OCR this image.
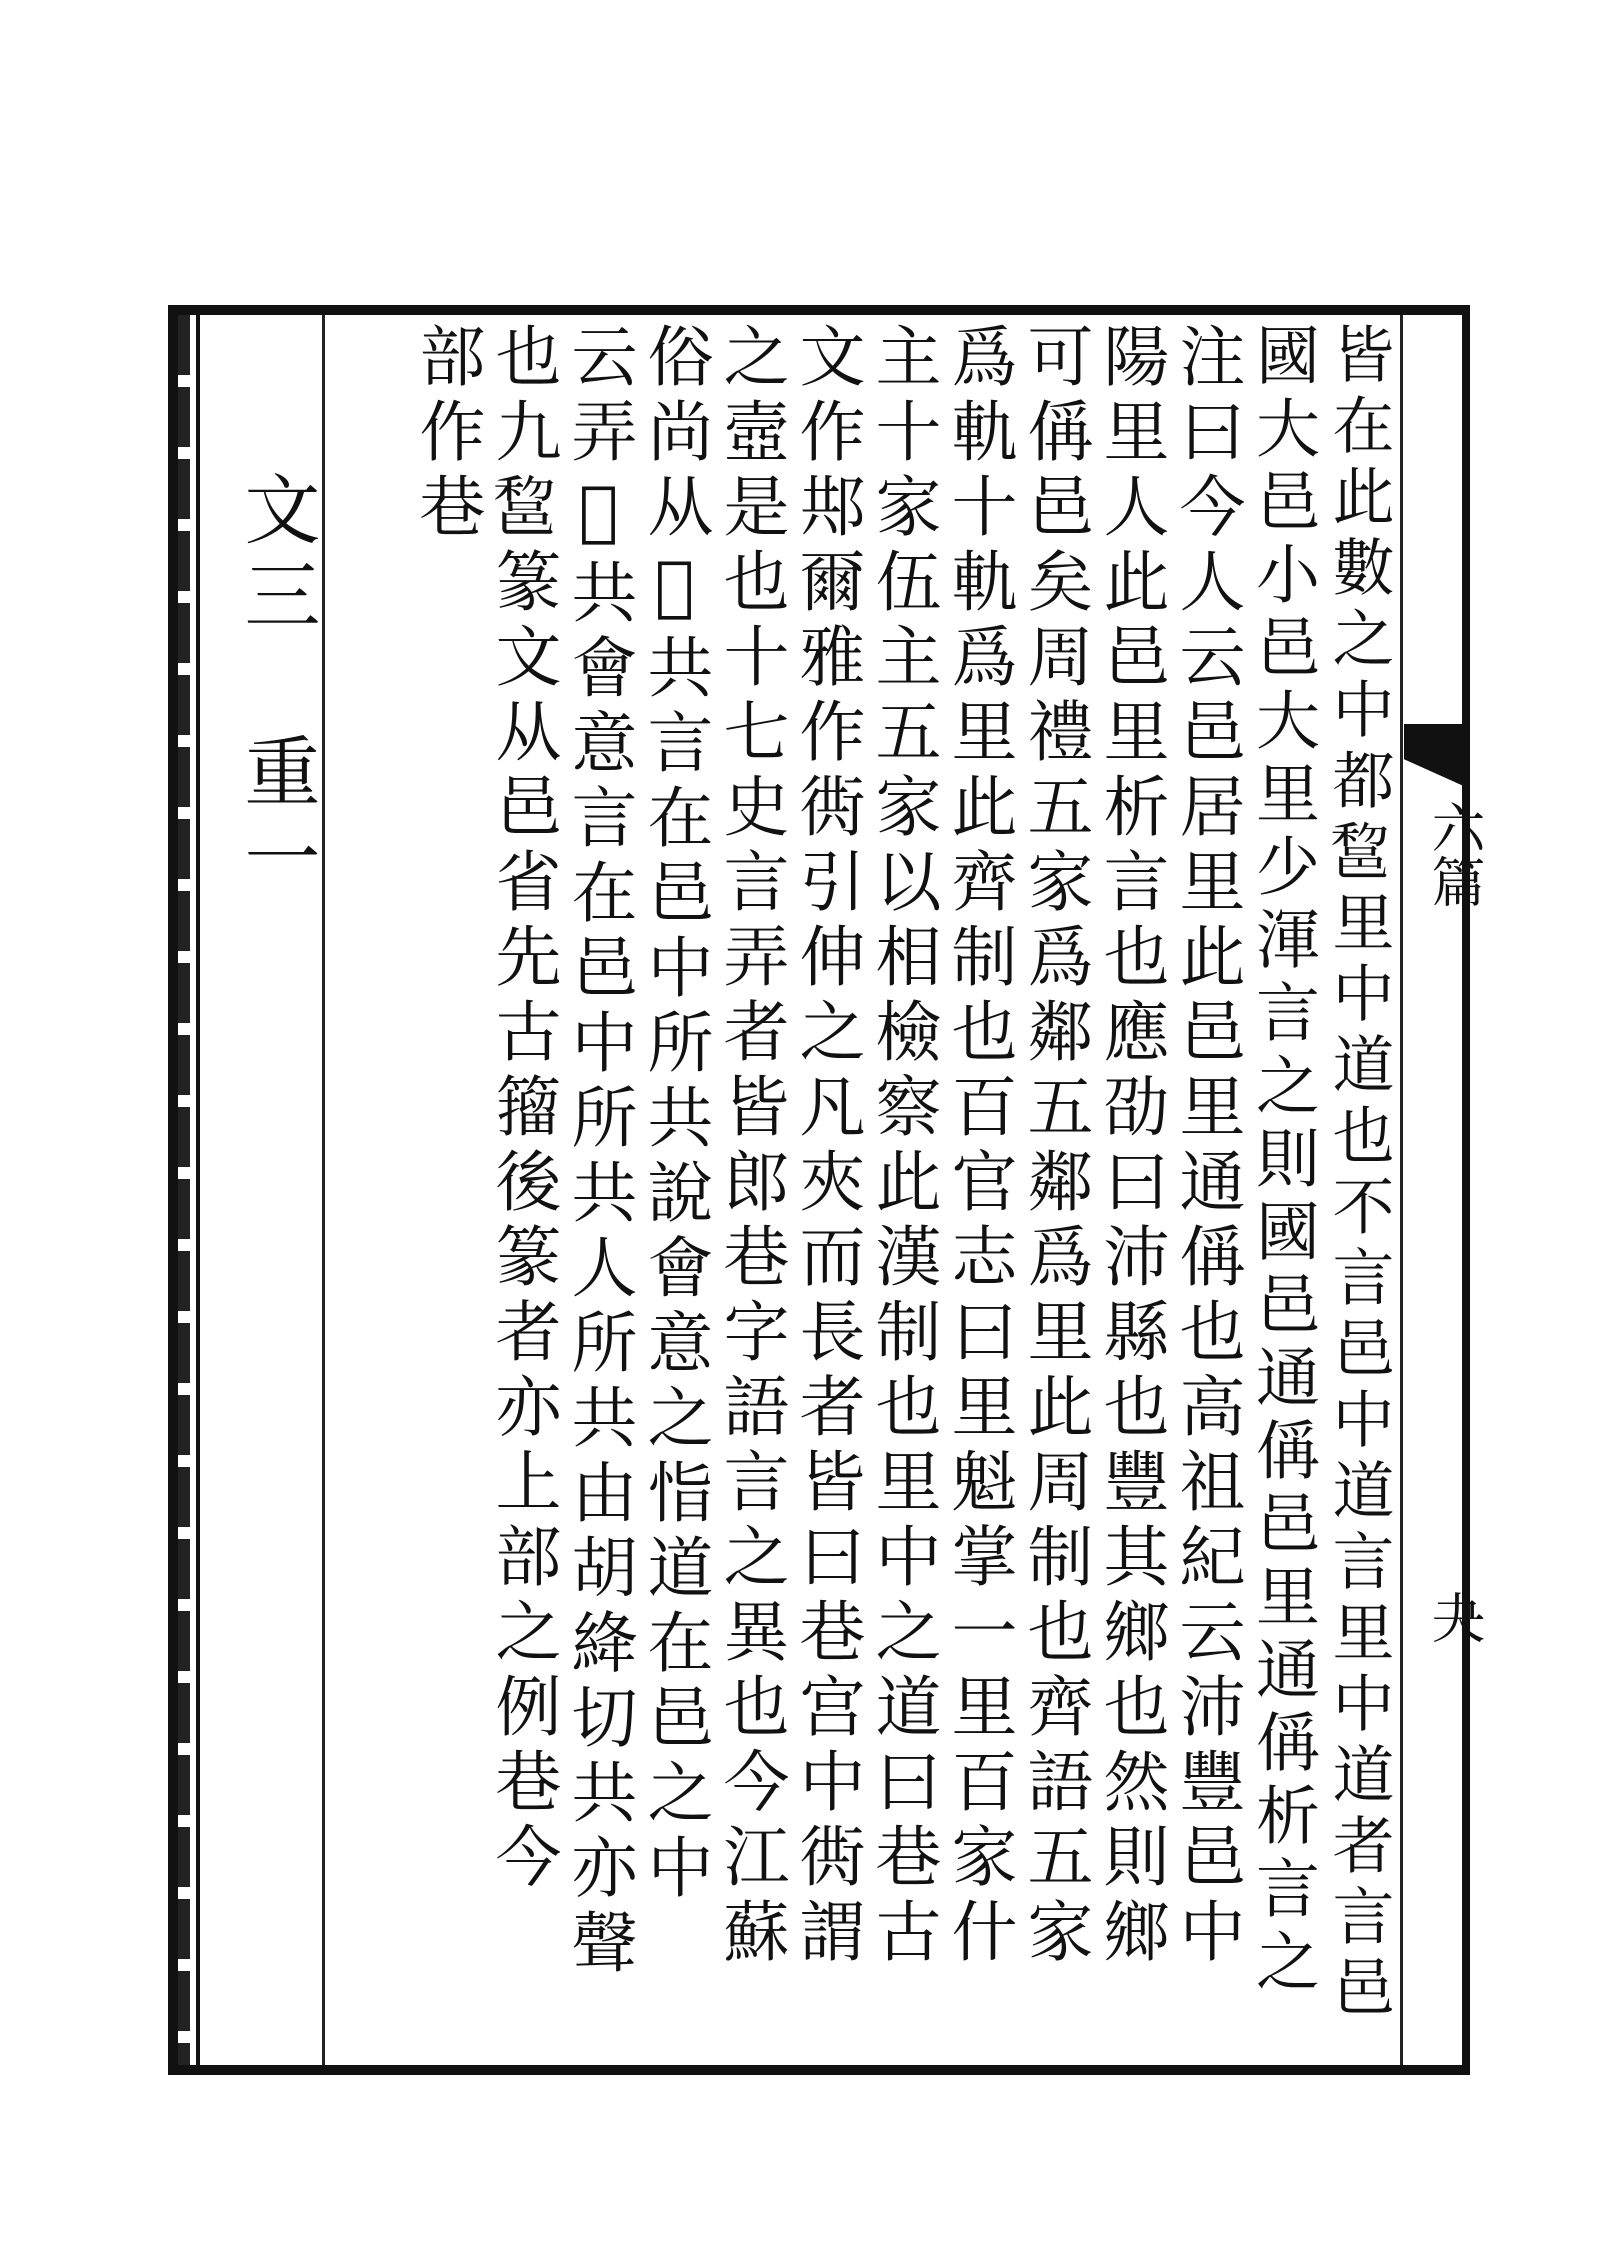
文三
重一	六篇
夬
皆在此數之中都𨛫里中道也不言邑中道言里中道者言邑
國大邑小邑大里少渾言之則國邑通偁邑里通偁析言之
注曰今人云邑居里此邑里通偁也高祖紀云沛豐邑中
陽里人此邑里析言也應劭曰沛縣也豐其鄉也然則鄉
可偁邑矣周禮五家爲鄰五鄰爲里此周制也齊語五家
爲軌十軌爲里此齊制也百官志曰里魁掌一里百家什
主十家伍主五家以相檢察此漢制也里中之道曰巷古
文作䢼爾雅作衖引伸之凡夾而長者皆曰巷宫中衖謂
之壼是也十七史言弄者皆郎巷字語言之異也今江蘇
俗尚从𨛜共言在邑中所共說會意之恉道在邑之中
云弄𨛜共會意言在邑中所共人所共由胡絳切共亦聲
也九𨛫篆文从邑省先古籀後篆者亦上部之例巷今
部作巷
